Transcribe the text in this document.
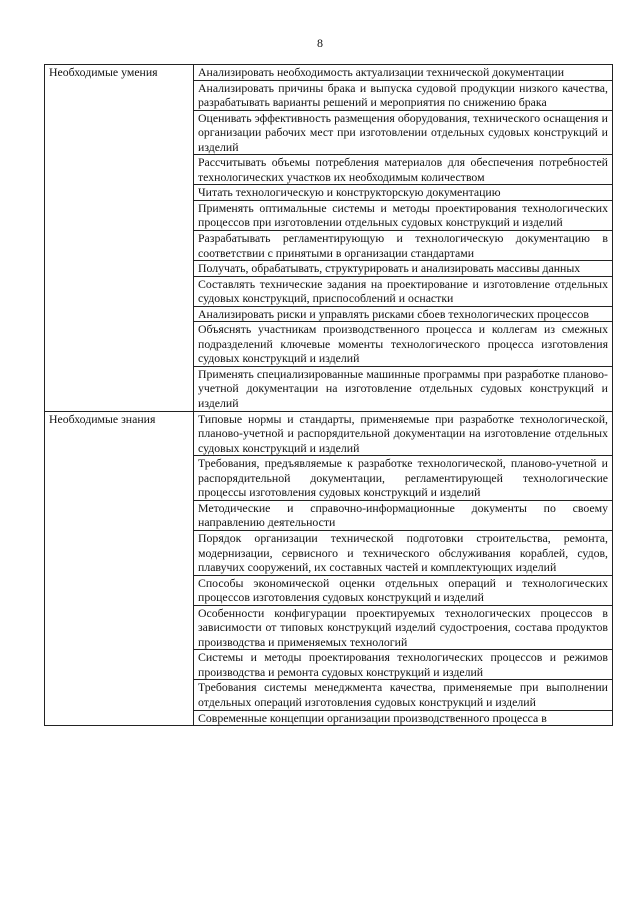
8
Необходимые умения	Анализировать необходимость актуализации технической документации
	Анализировать причины брака и выпуска судовой продукции низкого качества, разрабатывать варианты решений и мероприятия по снижению брака
	Оценивать эффективность размещения оборудования, технического оснащения и организации рабочих мест при изготовлении отдельных судовых конструкций и изделий
	Рассчитывать объемы потребления материалов для обеспечения потребностей технологических участков их необходимым количеством
	Читать технологическую и конструкторскую документацию
	Применять оптимальные системы и методы проектирования технологических процессов при изготовлении отдельных судовых конструкций и изделий
	Разрабатывать регламентирующую и технологическую документацию в соответствии с принятыми в организации стандартами
	Получать, обрабатывать, структурировать и анализировать массивы данных
	Составлять технические задания на проектирование и изготовление отдельных судовых конструкций, приспособлений и оснастки
	Анализировать риски и управлять рисками сбоев технологических процессов
	Объяснять участникам производственного процесса и коллегам из смежных подразделений ключевые моменты технологического процесса изготовления судовых конструкций и изделий
	Применять специализированные машинные программы при разработке планово-учетной документации на изготовление отдельных судовых конструкций и изделий
Необходимые знания	Типовые нормы и стандарты, применяемые при разработке технологической, планово-учетной и распорядительной документации на изготовление отдельных судовых конструкций и изделий
	Требования, предъявляемые к разработке технологической, планово-учетной и распорядительной документации, регламентирующей технологические процессы изготовления судовых конструкций и изделий
	Методические и справочно-информационные документы по своему направлению деятельности
	Порядок организации технической подготовки строительства, ремонта, модернизации, сервисного и технического обслуживания кораблей, судов, плавучих сооружений, их составных частей и комплектующих изделий
	Способы экономической оценки отдельных операций и технологических процессов изготовления судовых конструкций и изделий
	Особенности конфигурации проектируемых технологических процессов в зависимости от типовых конструкций изделий судостроения, состава продуктов производства и применяемых технологий
	Системы и методы проектирования технологических процессов и режимов производства и ремонта судовых конструкций и изделий
	Требования системы менеджмента качества, применяемые при выполнении отдельных операций изготовления судовых конструкций и изделий
	Современные концепции организации производственного процесса в
